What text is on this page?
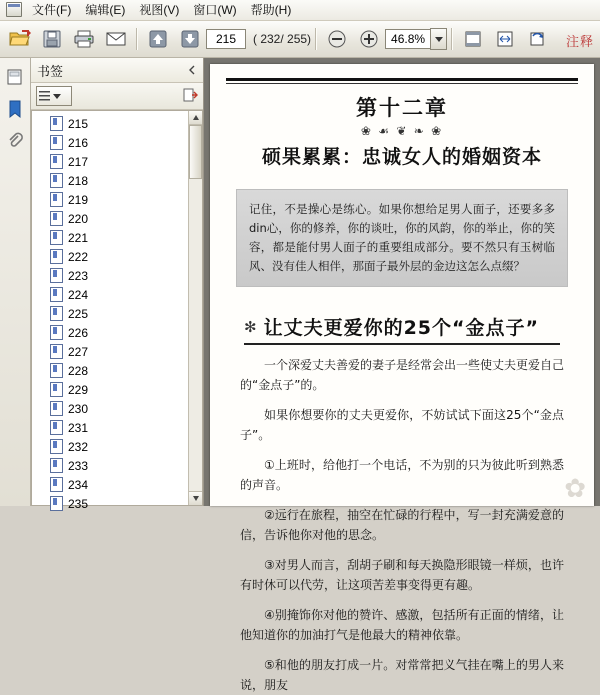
文件(F)	编辑(E)	视图(V)	窗口(W)	帮助(H)
215
( 232/ 255)
46.8%	注释
书签
215
216
217
218
219
220
221
222
223
224
225
226
227
228
229
230
231
232
233
234
235
第十二章
❀ ☙ ❦ ❧ ❀
硕果累累：忠诚女人的婚姻资本
记住，不是操心是练心。如果你想给足男人面子，还要多多din心，你的修养，你的谈吐，你的风韵，你的举止，你的笑容，都是能付男人面子的重要组成部分。要不然只有玉树临风、没有佳人相伴，那面子最外层的金边这怎么点缀？
✻ 让丈夫更爱你的25个“金点子”
一个深爱丈夫善爱的妻子是经常会出一些使丈夫更爱自己的“金点子”的。
如果你想要你的丈夫更爱你，不妨试试下面这25个“金点子”。
①上班时，给他打一个电话，不为别的只为彼此听到熟悉的声音。
②远行在旅程，抽空在忙碌的行程中，写一封充满爱意的信，告诉他你对他的思念。
③对男人而言，刮胡子刷和每天换隐形眼镜一样烦，也许有时休可以代劳，让这项苦差事变得更有趣。
④别掩饰你对他的赞许、感激，包括所有正面的情绪，让他知道你的加油打气是他最大的精神依靠。
⑤和他的朋友打成一片。对常常把义气挂在嘴上的男人来说，朋友
✿
